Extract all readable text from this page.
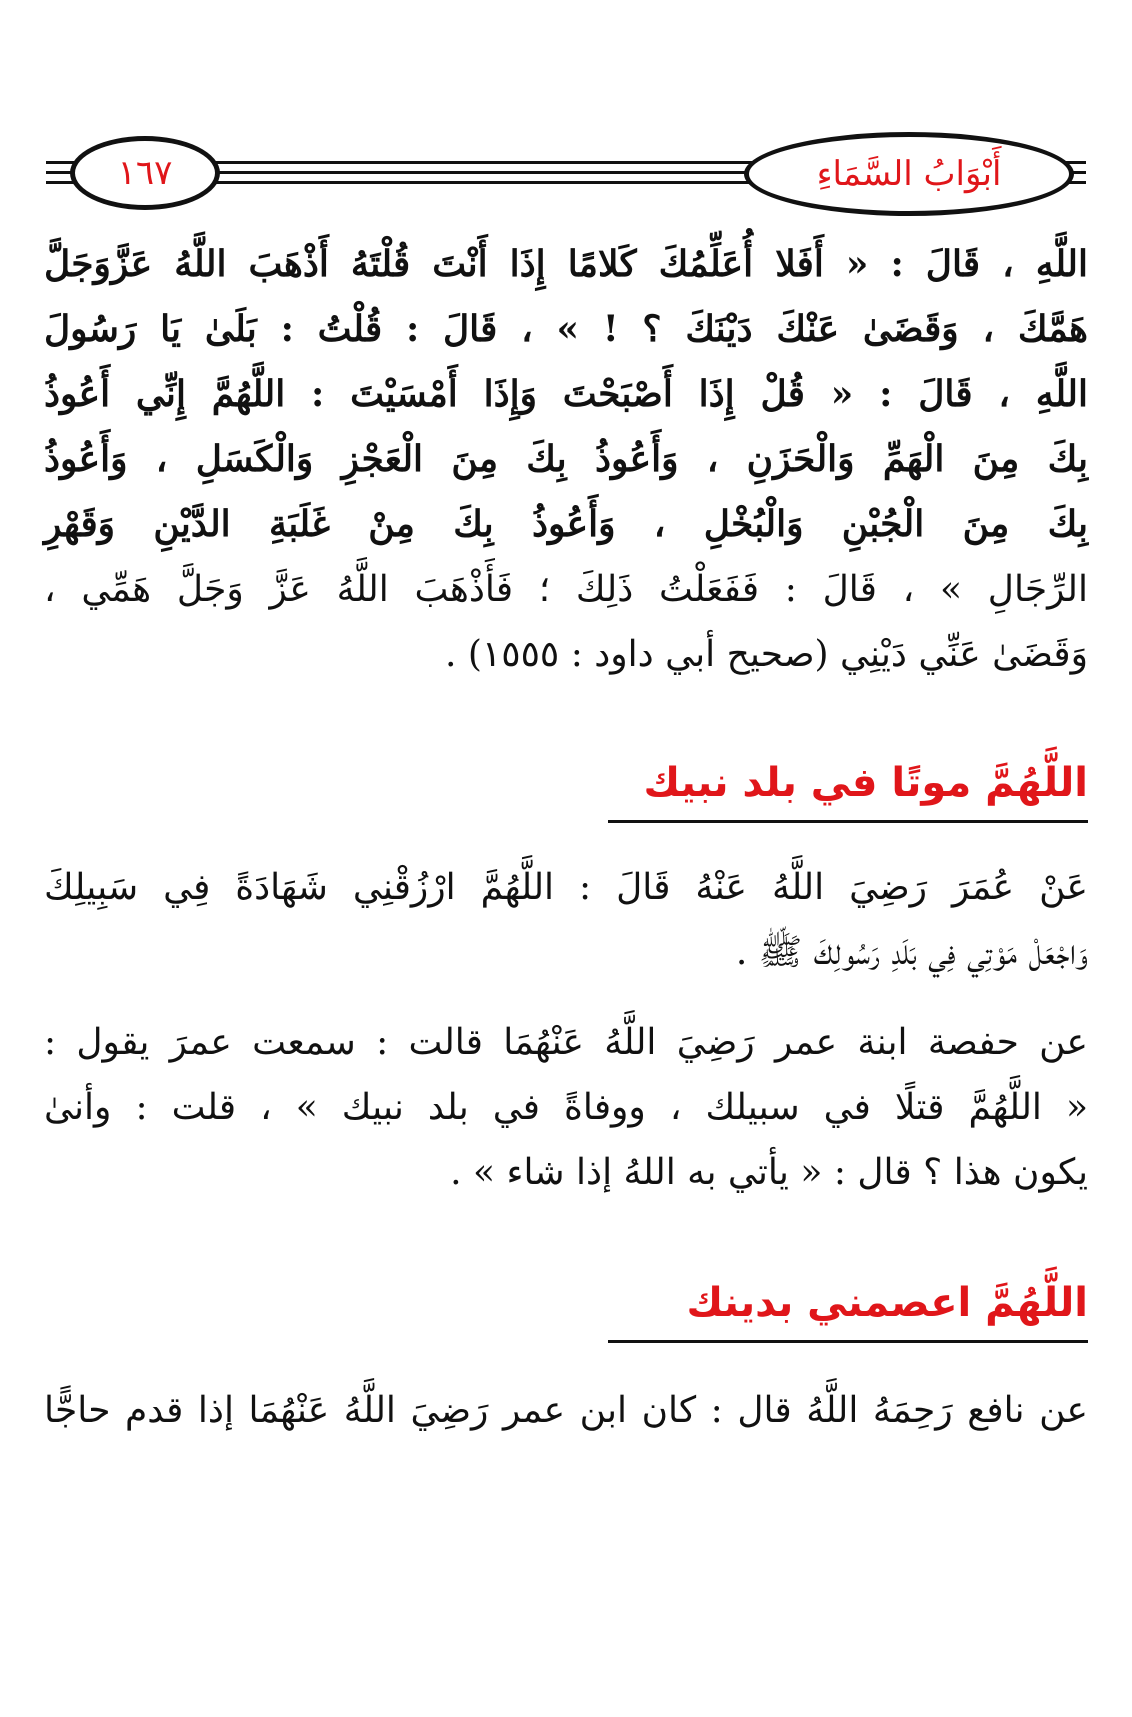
أَبْوَابُ السَّمَاءِ
١٦٧
اللَّهِ ، قَالَ : « أَفَلا أُعَلِّمُكَ كَلامًا إِذَا أَنْتَ قُلْتَهُ أَذْهَبَ اللَّهُ عَزَّوَجَلَّ
هَمَّكَ ، وَقَضَىٰ عَنْكَ دَيْنَكَ ؟ ! » ، قَالَ : قُلْتُ : بَلَىٰ يَا رَسُولَ
اللَّهِ ، قَالَ : « قُلْ إِذَا أَصْبَحْتَ وَإِذَا أَمْسَيْتَ : اللَّهُمَّ إِنِّي أَعُوذُ
بِكَ مِنَ الْهَمِّ وَالْحَزَنِ ، وَأَعُوذُ بِكَ مِنَ الْعَجْزِ وَالْكَسَلِ ، وَأَعُوذُ
بِكَ مِنَ الْجُبْنِ وَالْبُخْلِ ، وَأَعُوذُ بِكَ مِنْ غَلَبَةِ الدَّيْنِ وَقَهْرِ
الرِّجَالِ » ، قَالَ : فَفَعَلْتُ ذَلِكَ ؛ فَأَذْهَبَ اللَّهُ عَزَّ وَجَلَّ هَمِّي ،
وَقَضَىٰ عَنِّي دَيْنِي (صحيح أبي داود : ١٥٥٥) .
اللَّهُمَّ موتًا في بلد نبيك
عَنْ عُمَرَ رَضِيَ اللَّهُ عَنْهُ قَالَ : اللَّهُمَّ ارْزُقْنِي شَهَادَةً فِي سَبِيلِكَ
وَاجْعَلْ مَوْتِي فِي بَلَدِ رَسُولِكَ ﷺ .
عن حفصة ابنة عمر رَضِيَ اللَّهُ عَنْهُمَا قالت : سمعت عمرَ يقول :
« اللَّهُمَّ قتلًا في سبيلك ، ووفاةً في بلد نبيك » ، قلت : وأنىٰ
يكون هذا ؟ قال : « يأتي به اللهُ إذا شاء » .
اللَّهُمَّ اعصمني بدينك
عن نافع رَحِمَهُ اللَّهُ قال : كان ابن عمر رَضِيَ اللَّهُ عَنْهُمَا إذا قدم حاجًّا
